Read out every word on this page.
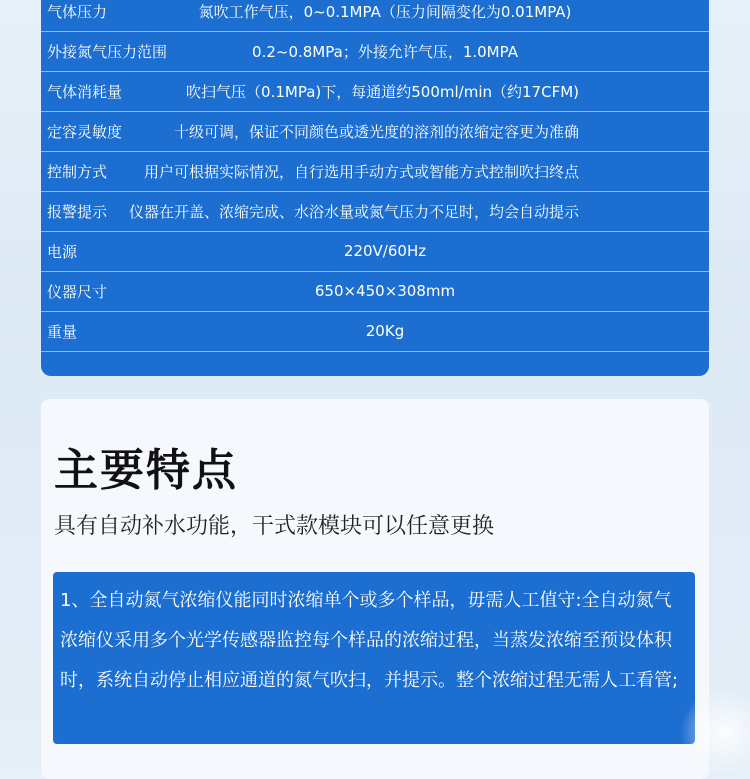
气体压力	氮吹工作气压，0~0.1MPA（压力间隔变化为0.01MPA)
外接氮气压力范围	0.2~0.8MPa；外接允许气压，1.0MPA
气体消耗量	吹扫气压（0.1MPa)下，每通道约500ml/min（约17CFM)
定容灵敏度	十级可调，保证不同颜色或透光度的溶剂的浓缩定容更为准确
控制方式	用户可根据实际情况，自行选用手动方式或智能方式控制吹扫终点
报警提示	仪器在开盖、浓缩完成、水浴水量或氮气压力不足时，均会自动提示
电源	220V/60Hz
仪器尺寸	650×450×308mm
重量	20Kg
主要特点

具有自动补水功能，干式款模块可以任意更换

1、全自动氮气浓缩仪能同时浓缩单个或多个样品，毋需人工值守:全自动氮气浓缩仪采用多个光学传感器监控每个样品的浓缩过程，当蒸发浓缩至预设体积时，系统自动停止相应通道的氮气吹扫，并提示。整个浓缩过程无需人工看管;
